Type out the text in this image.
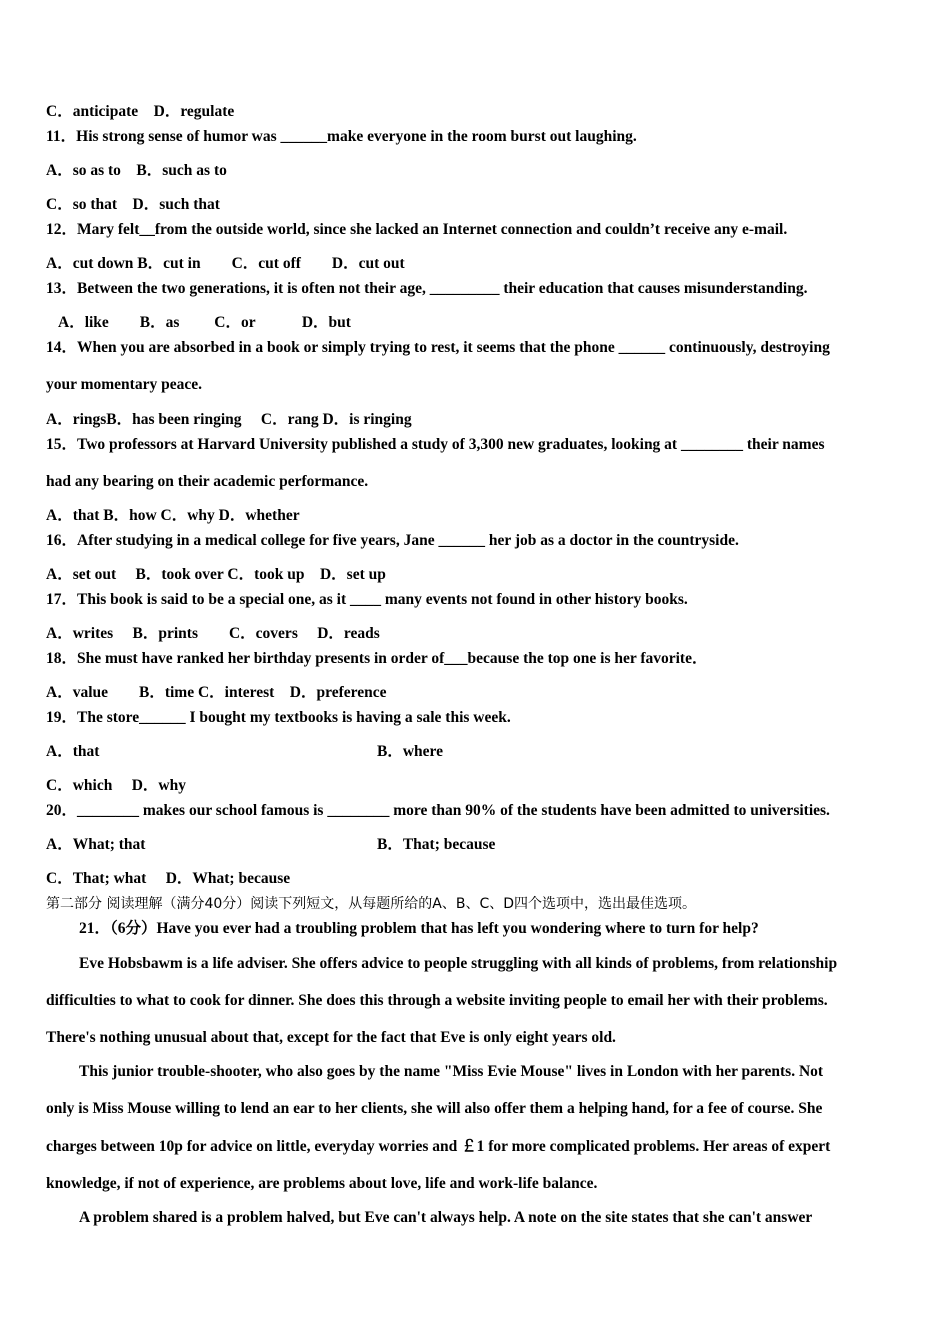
C．anticipate　D．regulate
11．His strong sense of humor was ______make everyone in the room burst out laughing.
A．so as to　B．such as to
C．so that　D．such that
12．Mary felt__from the outside world, since she lacked an Internet connection and couldn’t receive any e-mail.
A．cut down B．cut in　　C．cut off　　D．cut out
13．Between the two generations, it is often not their age, _________ their education that causes misunderstanding.
A．like　　B．as　　 C．or　　　D．but
14．When you are absorbed in a book or simply trying to rest, it seems that the phone ______ continuously, destroying
your momentary peace.
A．ringsB．has been ringing　 C．rang D．is ringing
15．Two professors at Harvard University published a study of 3,300 new graduates, looking at ________ their names
had any bearing on their academic performance.
A．that B．how C．why D．whether
16．After studying in a medical college for five years, Jane ______ her job as a doctor in the countryside.
A．set out　 B．took over C．took up　D．set up
17．This book is said to be a special one, as it ____ many events not found in other history books.
A．writes　 B．prints　　C．covers　 D．reads
18．She must have ranked her birthday presents in order of___because the top one is her favorite．
A．value　　B．time C．interest　D．preference
19．The store______ I bought my textbooks is having a sale this week.
A．that	B．where
C．which　 D．why
20．________ makes our school famous is ________ more than 90% of the students have been admitted to universities.
A．What; that	B．That; because
C．That; what　 D．What; because
第二部分 阅读理解（满分40分）阅读下列短文，从每题所给的A、B、C、D四个选项中，选出最佳选项。
21．（6分）Have you ever had a troubling problem that has left you wondering where to turn for help?
Eve Hobsbawm is a life adviser. She offers advice to people struggling with all kinds of problems, from relationship
difficulties to what to cook for dinner. She does this through a website inviting people to email her with their problems.
There's nothing unusual about that, except for the fact that Eve is only eight years old.
This junior trouble-shooter, who also goes by the name "Miss Evie Mouse" lives in London with her parents. Not
only is Miss Mouse willing to lend an ear to her clients, she will also offer them a helping hand, for a fee of course. She
charges between 10p for advice on little, everyday worries and ￡1 for more complicated problems. Her areas of expert
knowledge, if not of experience, are problems about love, life and work-life balance.
A problem shared is a problem halved, but Eve can't always help. A note on the site states that she can't answer
